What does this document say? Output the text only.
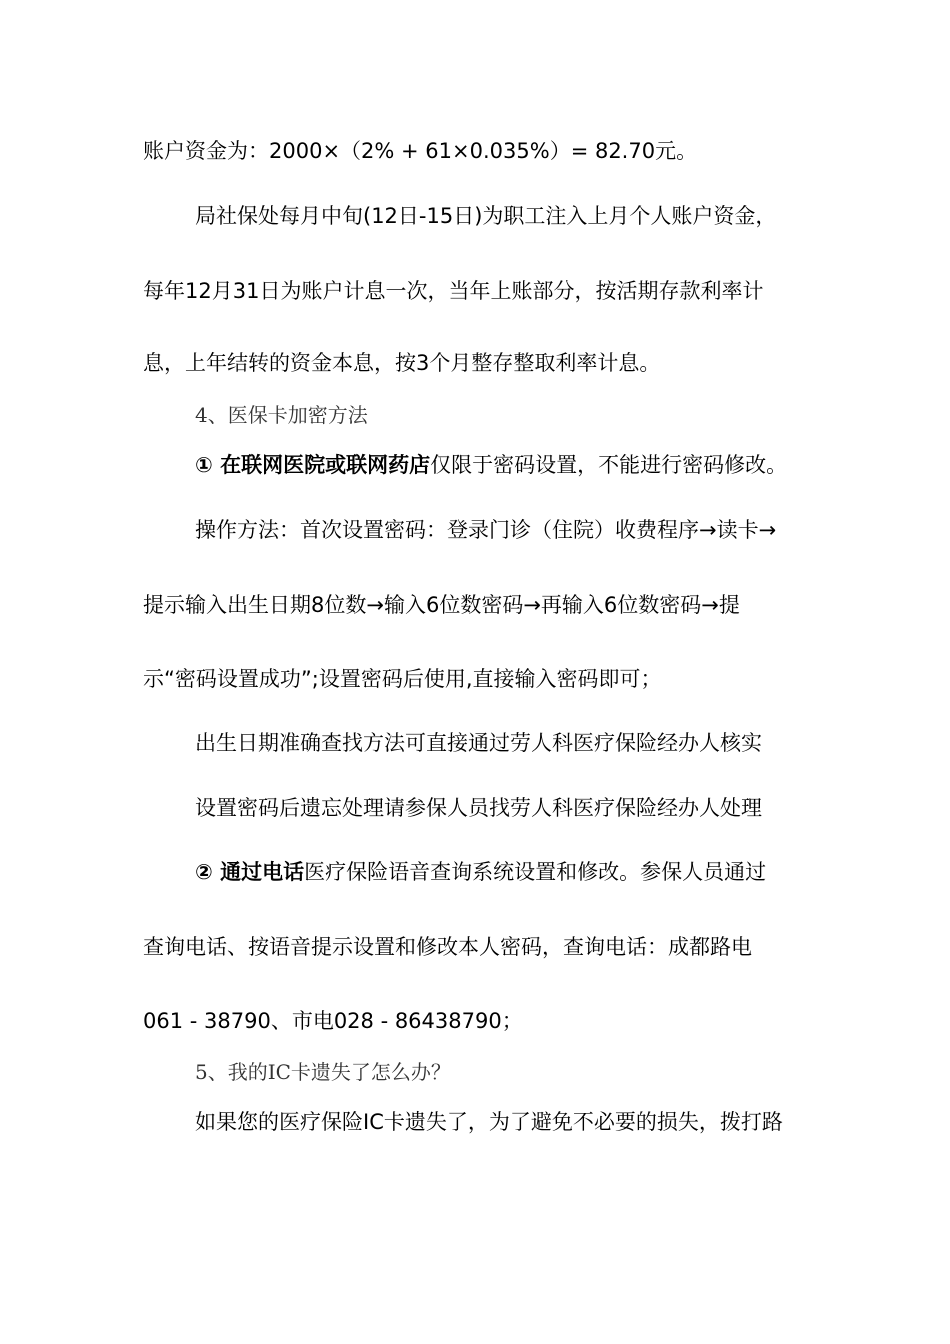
账户资金为：2000×（2% + 61×0.035%）= 82.70元。
局社保处每月中旬(12日-15日)为职工注入上月个人账户资金，
每年12月31日为账户计息一次，当年上账部分，按活期存款利率计
息，上年结转的资金本息，按3个月整存整取利率计息。
4、医保卡加密方法
① 在联网医院或联网药店仅限于密码设置，不能进行密码修改。
操作方法：首次设置密码：登录门诊（住院）收费程序→读卡→
提示输入出生日期8位数→输入6位数密码→再输入6位数密码→提
示“密码设置成功”;设置密码后使用,直接输入密码即可；
出生日期准确查找方法可直接通过劳人科医疗保险经办人核实
设置密码后遗忘处理请参保人员找劳人科医疗保险经办人处理
② 通过电话医疗保险语音查询系统设置和修改。参保人员通过
查询电话、按语音提示设置和修改本人密码，查询电话：成都路电
061 - 38790、市电028 - 86438790；
5、我的IC卡遗失了怎么办？
如果您的医疗保险IC卡遗失了，为了避免不必要的损失，拨打路
